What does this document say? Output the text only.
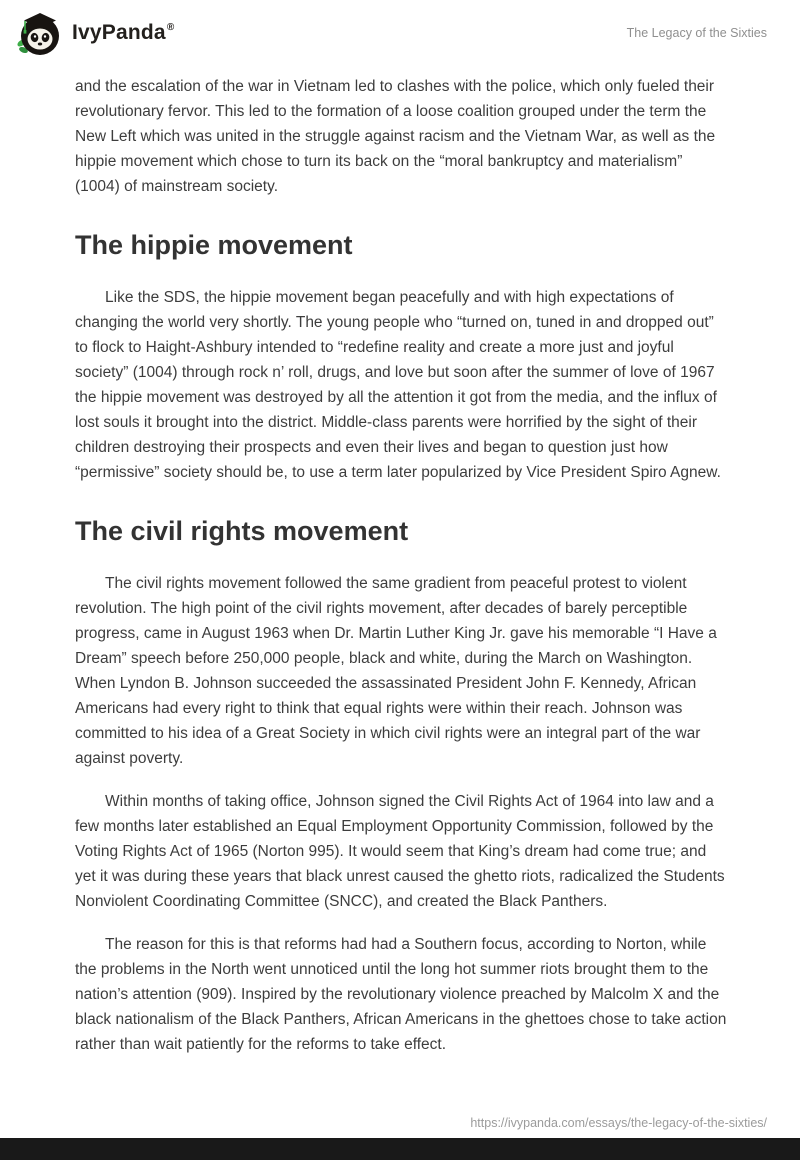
IvyPanda®	The Legacy of the Sixties

and the escalation of the war in Vietnam led to clashes with the police, which only fueled their revolutionary fervor. This led to the formation of a loose coalition grouped under the term the New Left which was united in the struggle against racism and the Vietnam War, as well as the hippie movement which chose to turn its back on the “moral bankruptcy and materialism” (1004) of mainstream society.

The hippie movement

Like the SDS, the hippie movement began peacefully and with high expectations of changing the world very shortly. The young people who “turned on, tuned in and dropped out” to flock to Haight-Ashbury intended to “redefine reality and create a more just and joyful society” (1004) through rock n’ roll, drugs, and love but soon after the summer of love of 1967 the hippie movement was destroyed by all the attention it got from the media, and the influx of lost souls it brought into the district. Middle-class parents were horrified by the sight of their children destroying their prospects and even their lives and began to question just how “permissive” society should be, to use a term later popularized by Vice President Spiro Agnew.

The civil rights movement

The civil rights movement followed the same gradient from peaceful protest to violent revolution. The high point of the civil rights movement, after decades of barely perceptible progress, came in August 1963 when Dr. Martin Luther King Jr. gave his memorable “I Have a Dream” speech before 250,000 people, black and white, during the March on Washington. When Lyndon B. Johnson succeeded the assassinated President John F. Kennedy, African Americans had every right to think that equal rights were within their reach. Johnson was committed to his idea of a Great Society in which civil rights were an integral part of the war against poverty.

Within months of taking office, Johnson signed the Civil Rights Act of 1964 into law and a few months later established an Equal Employment Opportunity Commission, followed by the Voting Rights Act of 1965 (Norton 995). It would seem that King’s dream had come true; and yet it was during these years that black unrest caused the ghetto riots, radicalized the Students Nonviolent Coordinating Committee (SNCC), and created the Black Panthers.

The reason for this is that reforms had had a Southern focus, according to Norton, while the problems in the North went unnoticed until the long hot summer riots brought them to the nation’s attention (909). Inspired by the revolutionary violence preached by Malcolm X and the black nationalism of the Black Panthers, African Americans in the ghettoes chose to take action rather than wait patiently for the reforms to take effect.

https://ivypanda.com/essays/the-legacy-of-the-sixties/
